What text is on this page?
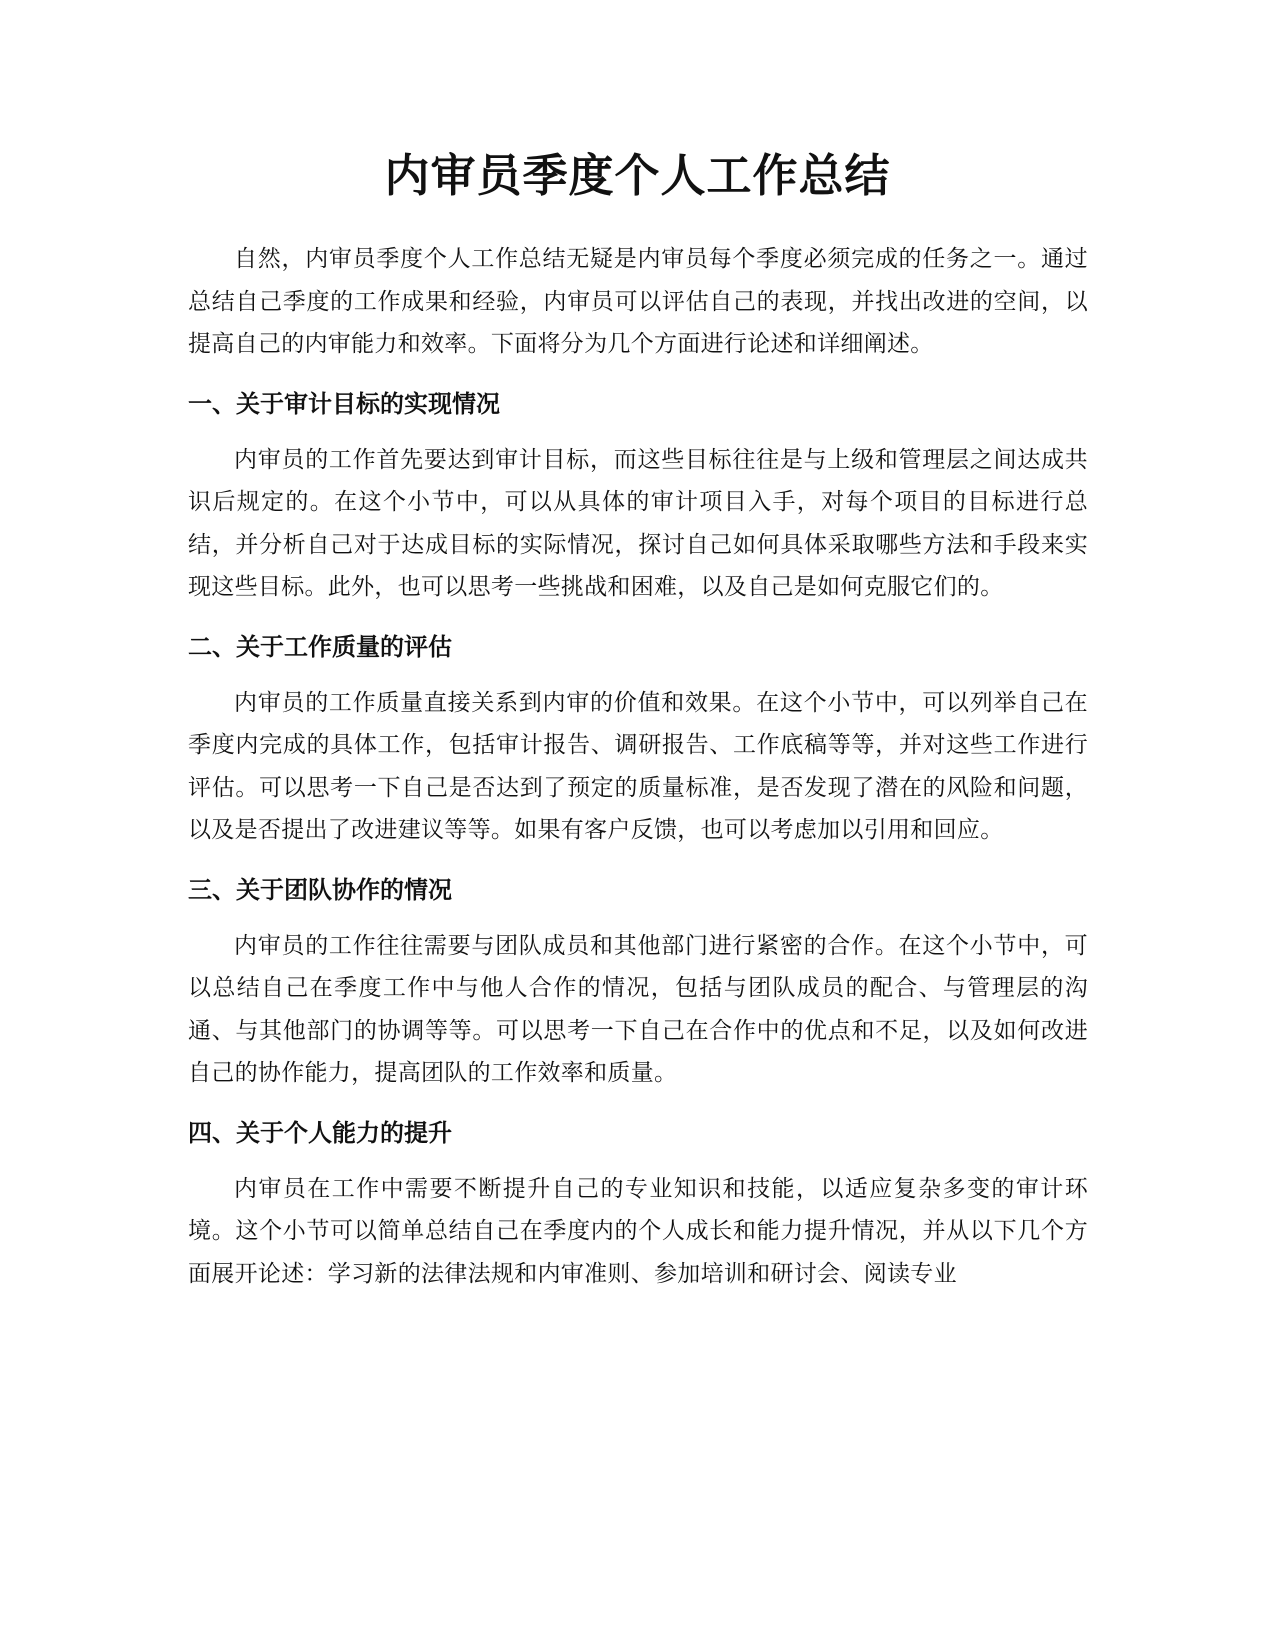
内审员季度个人工作总结

自然，内审员季度个人工作总结无疑是内审员每个季度必须完成的任务之一。通过总结自己季度的工作成果和经验，内审员可以评估自己的表现，并找出改进的空间，以提高自己的内审能力和效率。下面将分为几个方面进行论述和详细阐述。

一、关于审计目标的实现情况

内审员的工作首先要达到审计目标，而这些目标往往是与上级和管理层之间达成共识后规定的。在这个小节中，可以从具体的审计项目入手，对每个项目的目标进行总结，并分析自己对于达成目标的实际情况，探讨自己如何具体采取哪些方法和手段来实现这些目标。此外，也可以思考一些挑战和困难，以及自己是如何克服它们的。

二、关于工作质量的评估

内审员的工作质量直接关系到内审的价值和效果。在这个小节中，可以列举自己在季度内完成的具体工作，包括审计报告、调研报告、工作底稿等等，并对这些工作进行评估。可以思考一下自己是否达到了预定的质量标准，是否发现了潜在的风险和问题，以及是否提出了改进建议等等。如果有客户反馈，也可以考虑加以引用和回应。

三、关于团队协作的情况

内审员的工作往往需要与团队成员和其他部门进行紧密的合作。在这个小节中，可以总结自己在季度工作中与他人合作的情况，包括与团队成员的配合、与管理层的沟通、与其他部门的协调等等。可以思考一下自己在合作中的优点和不足，以及如何改进自己的协作能力，提高团队的工作效率和质量。

四、关于个人能力的提升

内审员在工作中需要不断提升自己的专业知识和技能，以适应复杂多变的审计环境。这个小节可以简单总结自己在季度内的个人成长和能力提升情况，并从以下几个方面展开论述：学习新的法律法规和内审准则、参加培训和研讨会、阅读专业
